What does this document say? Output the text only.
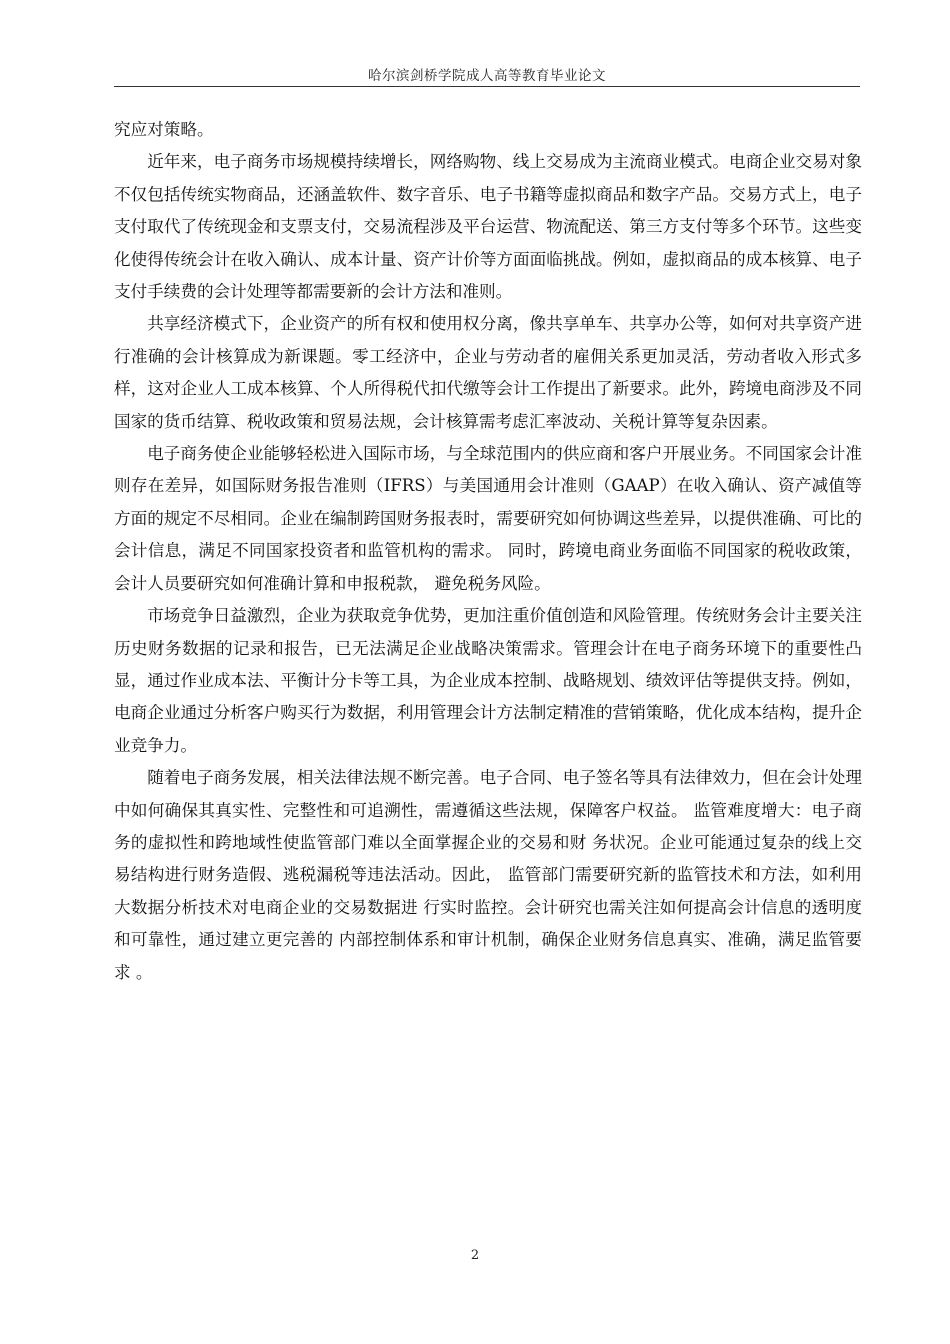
哈尔滨剑桥学院成人高等教育毕业论文

究应对策略。

近年来，电子商务市场规模持续增长，网络购物、线上交易成为主流商业模式。电商企业交易对象不仅包括传统实物商品，还涵盖软件、数字音乐、电子书籍等虚拟商品和数字产品。交易方式上，电子支付取代了传统现金和支票支付，交易流程涉及平台运营、物流配送、第三方支付等多个环节。这些变化使得传统会计在收入确认、成本计量、资产计价等方面面临挑战。例如，虚拟商品的成本核算、电子支付手续费的会计处理等都需要新的会计方法和准则。

共享经济模式下，企业资产的所有权和使用权分离，像共享单车、共享办公等，如何对共享资产进行准确的会计核算成为新课题。零工经济中，企业与劳动者的雇佣关系更加灵活，劳动者收入形式多样，这对企业人工成本核算、个人所得税代扣代缴等会计工作提出了新要求。此外，跨境电商涉及不同国家的货币结算、税收政策和贸易法规，会计核算需考虑汇率波动、关税计算等复杂因素。

电子商务使企业能够轻松进入国际市场，与全球范围内的供应商和客户开展业务。不同国家会计准则存在差异，如国际财务报告准则（IFRS）与美国通用会计准则（GAAP）在收入确认、资产减值等方面的规定不尽相同。企业在编制跨国财务报表时，需要研究如何协调这些差异，以提供准确、可比的会计信息，满足不同国家投资者和监管机构的需求。 同时，跨境电商业务面临不同国家的税收政策，会计人员要研究如何准确计算和申报税款， 避免税务风险。

市场竞争日益激烈，企业为获取竞争优势，更加注重价值创造和风险管理。传统财务会计主要关注历史财务数据的记录和报告，已无法满足企业战略决策需求。管理会计在电子商务环境下的重要性凸显，通过作业成本法、平衡计分卡等工具，为企业成本控制、战略规划、绩效评估等提供支持。例如，电商企业通过分析客户购买行为数据，利用管理会计方法制定精准的营销策略，优化成本结构，提升企业竞争力。

随着电子商务发展，相关法律法规不断完善。电子合同、电子签名等具有法律效力，但在会计处理中如何确保其真实性、完整性和可追溯性，需遵循这些法规，保障客户权益。 监管难度增大：电子商务的虚拟性和跨地域性使监管部门难以全面掌握企业的交易和财 务状况。企业可能通过复杂的线上交易结构进行财务造假、逃税漏税等违法活动。因此， 监管部门需要研究新的监管技术和方法，如利用大数据分析技术对电商企业的交易数据进 行实时监控。会计研究也需关注如何提高会计信息的透明度和可靠性，通过建立更完善的 内部控制体系和审计机制，确保企业财务信息真实、准确，满足监管要求 。

2
